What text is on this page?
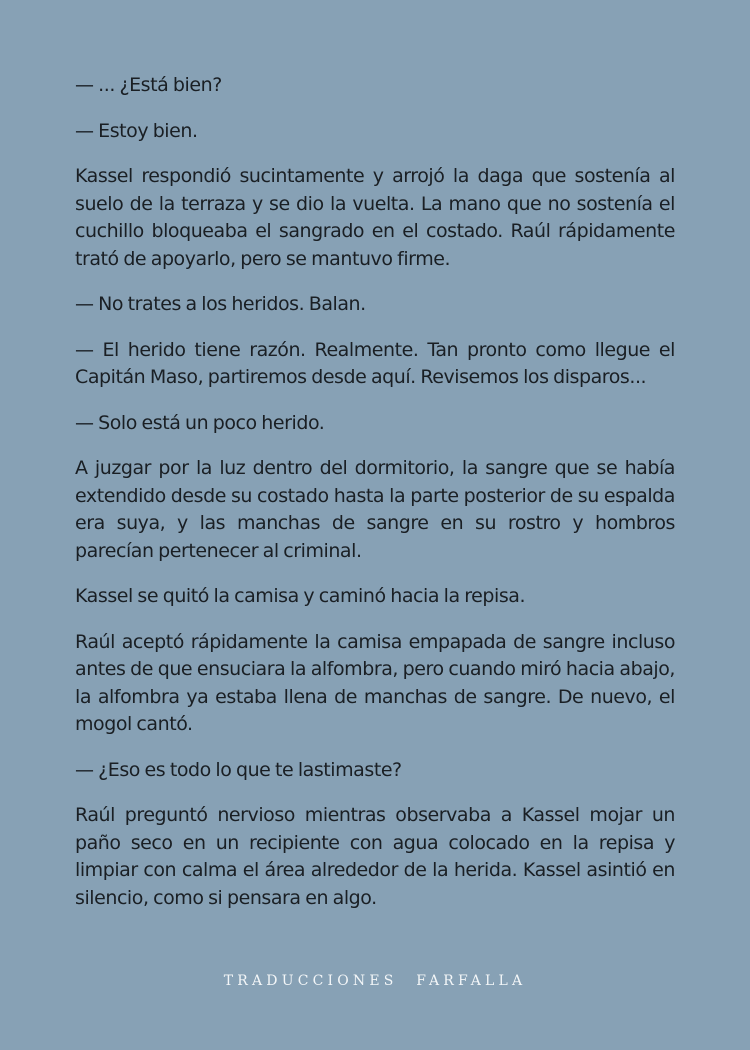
— ... ¿Está bien?

— Estoy bien.

Kassel respondió sucintamente y arrojó la daga que sostenía al suelo de la terraza y se dio la vuelta. La mano que no sostenía el cuchillo bloqueaba el sangrado en el costado. Raúl rápidamente trató de apoyarlo, pero se mantuvo firme.

— No trates a los heridos. Balan.

— El herido tiene razón. Realmente. Tan pronto como llegue el Capitán Maso, partiremos desde aquí. Revisemos los disparos...

— Solo está un poco herido.

A juzgar por la luz dentro del dormitorio, la sangre que se había extendido desde su costado hasta la parte posterior de su espalda era suya, y las manchas de sangre en su rostro y hombros parecían pertenecer al criminal.

Kassel se quitó la camisa y caminó hacia la repisa.

Raúl aceptó rápidamente la camisa empapada de sangre incluso antes de que ensuciara la alfombra, pero cuando miró hacia abajo, la alfombra ya estaba llena de manchas de sangre. De nuevo, el mogol cantó.

— ¿Eso es todo lo que te lastimaste?

Raúl preguntó nervioso mientras observaba a Kassel mojar un paño seco en un recipiente con agua colocado en la repisa y limpiar con calma el área alrededor de la herida. Kassel asintió en silencio, como si pensara en algo.

TRADUCCIONES FARFALLA
